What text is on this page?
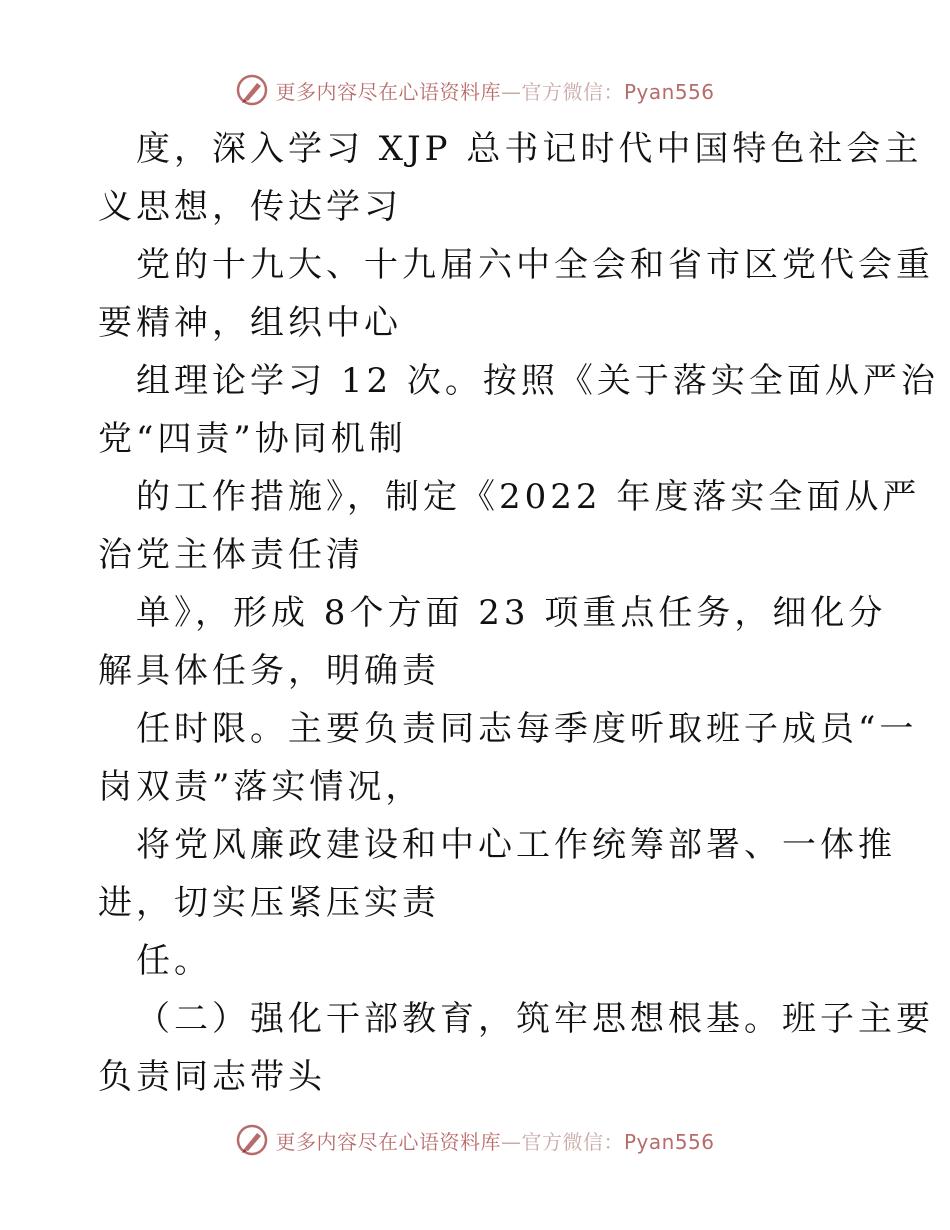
更多内容尽在心语资料库—官方微信：Pyan556
度，深入学习 XJP 总书记时代中国特色社会主
义思想，传达学习
党的十九大、十九届六中全会和省市区党代会重
要精神，组织中心
组理论学习 12 次。按照《关于落实全面从严治
党“四责”协同机制
的工作措施》，制定《2022 年度落实全面从严
治党主体责任清
单》，形成 8个方面 23 项重点任务，细化分
解具体任务，明确责
任时限。主要负责同志每季度听取班子成员“一
岗双责”落实情况，
将党风廉政建设和中心工作统筹部署、一体推
进，切实压紧压实责
任。
（二）强化干部教育，筑牢思想根基。班子主要
负责同志带头
更多内容尽在心语资料库—官方微信：Pyan556
